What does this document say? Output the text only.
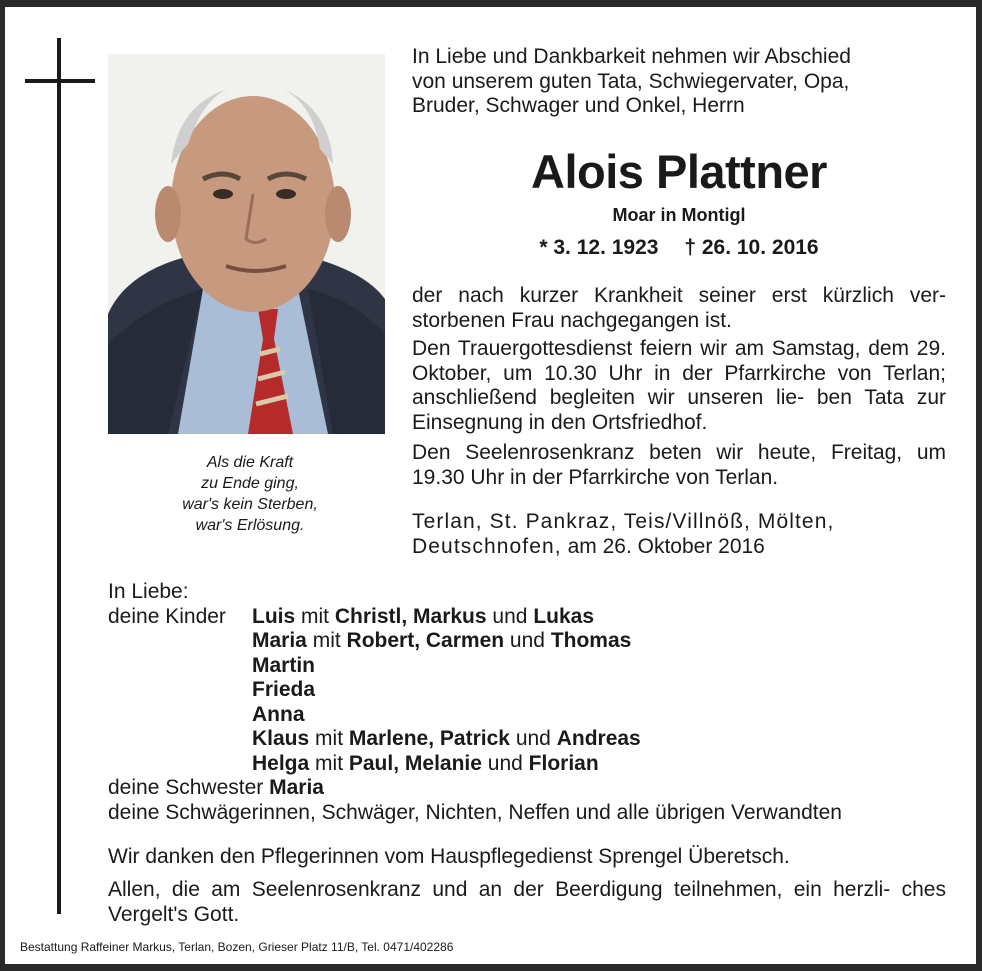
Als die Kraft
zu Ende ging,
war's kein Sterben,
war's Erlösung.
In Liebe und Dankbarkeit nehmen wir Abschied
von unserem guten Tata, Schwiegervater, Opa,
Bruder, Schwager und Onkel, Herrn
Alois Plattner
Moar in Montigl
* 3. 12. 1923 † 26. 10. 2016
der nach kurzer Krankheit seiner erst kürzlich ver- storbenen Frau nachgegangen ist.
Den Trauergottesdienst feiern wir am Samstag, dem 29. Oktober, um 10.30 Uhr in der Pfarrkirche von Terlan; anschließend begleiten wir unseren lie- ben Tata zur Einsegnung in den Ortsfriedhof.
Den Seelenrosenkranz beten wir heute, Freitag, um 19.30 Uhr in der Pfarrkirche von Terlan.
Terlan, St. Pankraz, Teis/Villnöß, Mölten,
Deutschnofen, am 26. Oktober 2016
In Liebe:
deine Kinder Luis mit Christl, Markus und Lukas
Maria mit Robert, Carmen und Thomas
Martin
Frieda
Anna
Klaus mit Marlene, Patrick und Andreas
Helga mit Paul, Melanie und Florian
deine Schwester Maria
deine Schwägerinnen, Schwäger, Nichten, Neffen und alle übrigen Verwandten
Wir danken den Pflegerinnen vom Hauspflegedienst Sprengel Überetsch.
Allen, die am Seelenrosenkranz und an der Beerdigung teilnehmen, ein herzli- ches Vergelt's Gott.
Bestattung Raffeiner Markus, Terlan, Bozen, Grieser Platz 11/B, Tel. 0471/402286
